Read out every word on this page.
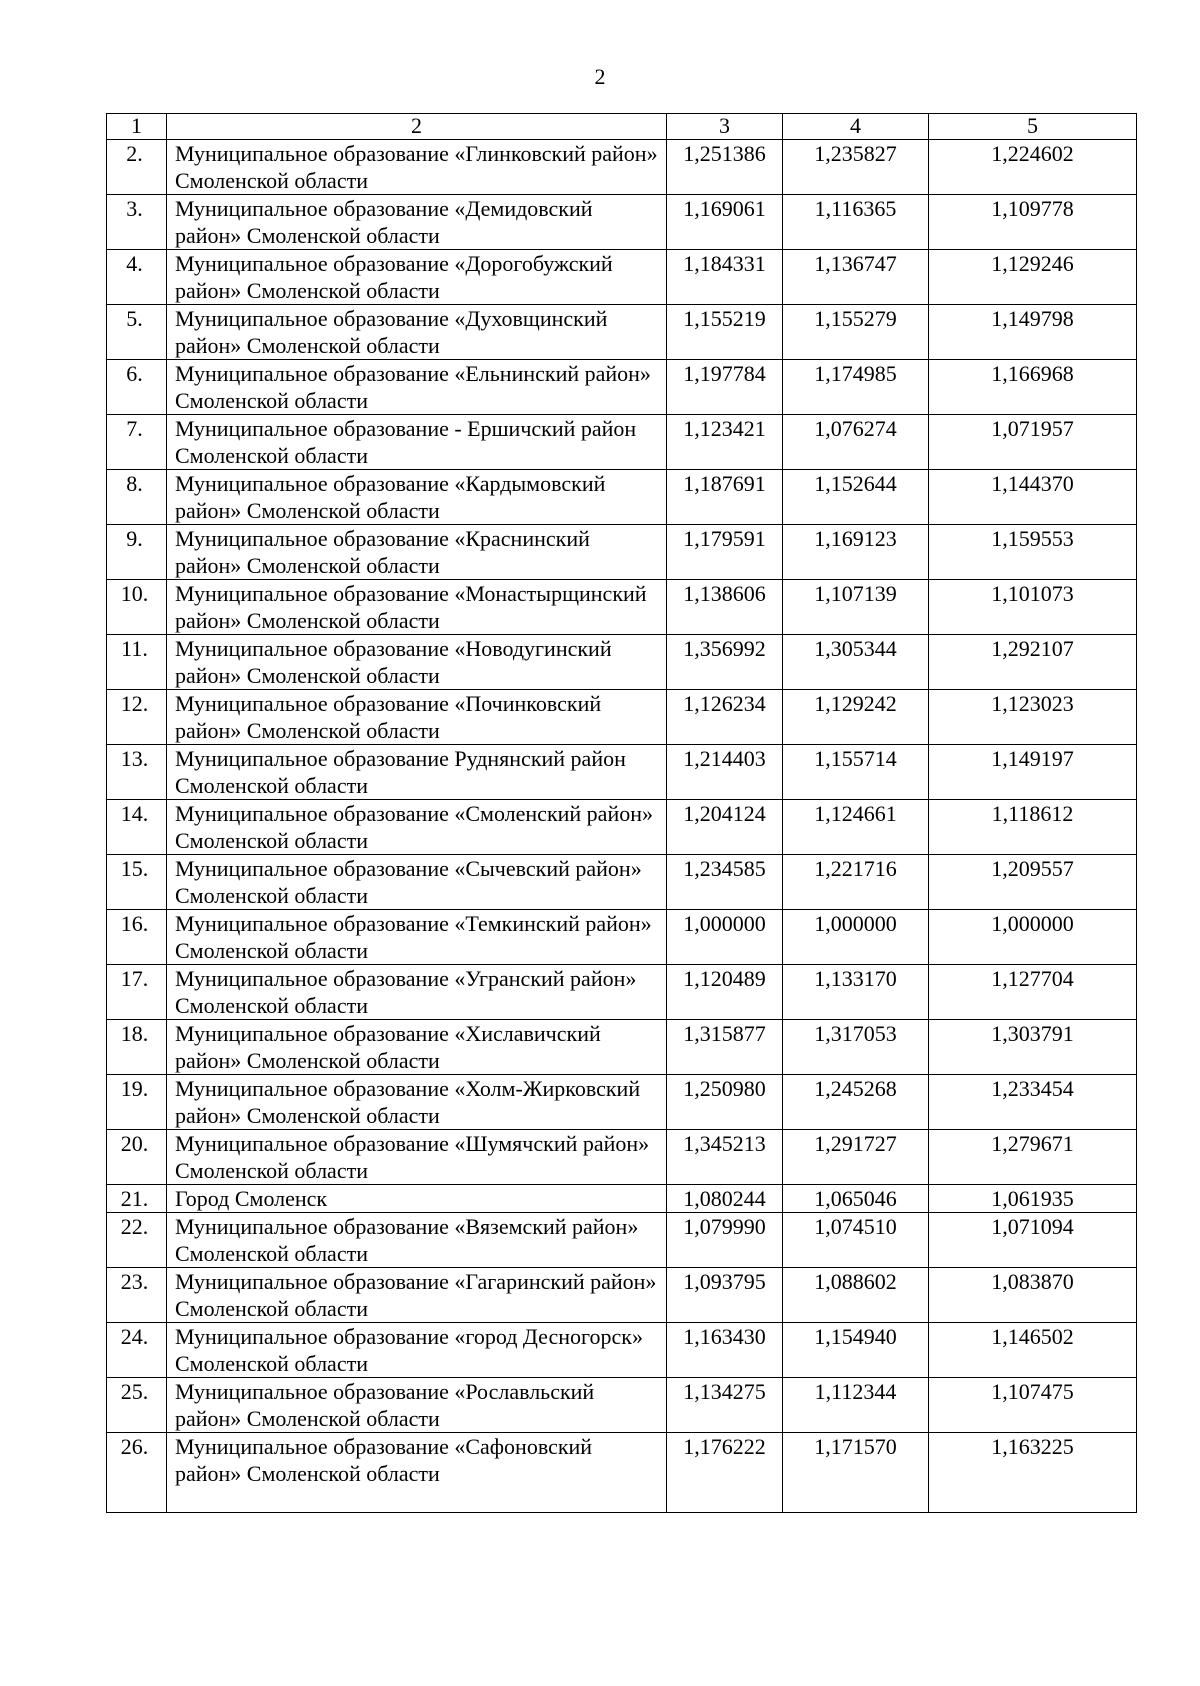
2
1	2	3	4	5
2.	Муниципальное образование «Глинковский район» Смоленской области	1,251386	1,235827	1,224602
3.	Муниципальное образование «Демидовский район» Смоленской области	1,169061	1,116365	1,109778
4.	Муниципальное образование «Дорогобужский район» Смоленской области	1,184331	1,136747	1,129246
5.	Муниципальное образование «Духовщинский район» Смоленской области	1,155219	1,155279	1,149798
6.	Муниципальное образование «Ельнинский район» Смоленской области	1,197784	1,174985	1,166968
7.	Муниципальное образование - Ершичский район Смоленской области	1,123421	1,076274	1,071957
8.	Муниципальное образование «Кардымовский район» Смоленской области	1,187691	1,152644	1,144370
9.	Муниципальное образование «Краснинский район» Смоленской области	1,179591	1,169123	1,159553
10.	Муниципальное образование «Монастырщинский район» Смоленской области	1,138606	1,107139	1,101073
11.	Муниципальное образование «Новодугинский район» Смоленской области	1,356992	1,305344	1,292107
12.	Муниципальное образование «Починковский район» Смоленской области	1,126234	1,129242	1,123023
13.	Муниципальное образование Руднянский район Смоленской области	1,214403	1,155714	1,149197
14.	Муниципальное образование «Смоленский район» Смоленской области	1,204124	1,124661	1,118612
15.	Муниципальное образование «Сычевский район» Смоленской области	1,234585	1,221716	1,209557
16.	Муниципальное образование «Темкинский район» Смоленской области	1,000000	1,000000	1,000000
17.	Муниципальное образование «Угранский район» Смоленской области	1,120489	1,133170	1,127704
18.	Муниципальное образование «Хиславичский район» Смоленской области	1,315877	1,317053	1,303791
19.	Муниципальное образование «Холм-Жирковский район» Смоленской области	1,250980	1,245268	1,233454
20.	Муниципальное образование «Шумячский район» Смоленской области	1,345213	1,291727	1,279671
21.	Город Смоленск	1,080244	1,065046	1,061935
22.	Муниципальное образование «Вяземский район» Смоленской области	1,079990	1,074510	1,071094
23.	Муниципальное образование «Гагаринский район» Смоленской области	1,093795	1,088602	1,083870
24.	Муниципальное образование «город Десногорск» Смоленской области	1,163430	1,154940	1,146502
25.	Муниципальное образование «Рославльский район» Смоленской области	1,134275	1,112344	1,107475
26.	Муниципальное образование «Сафоновский район» Смоленской области	1,176222	1,171570	1,163225
